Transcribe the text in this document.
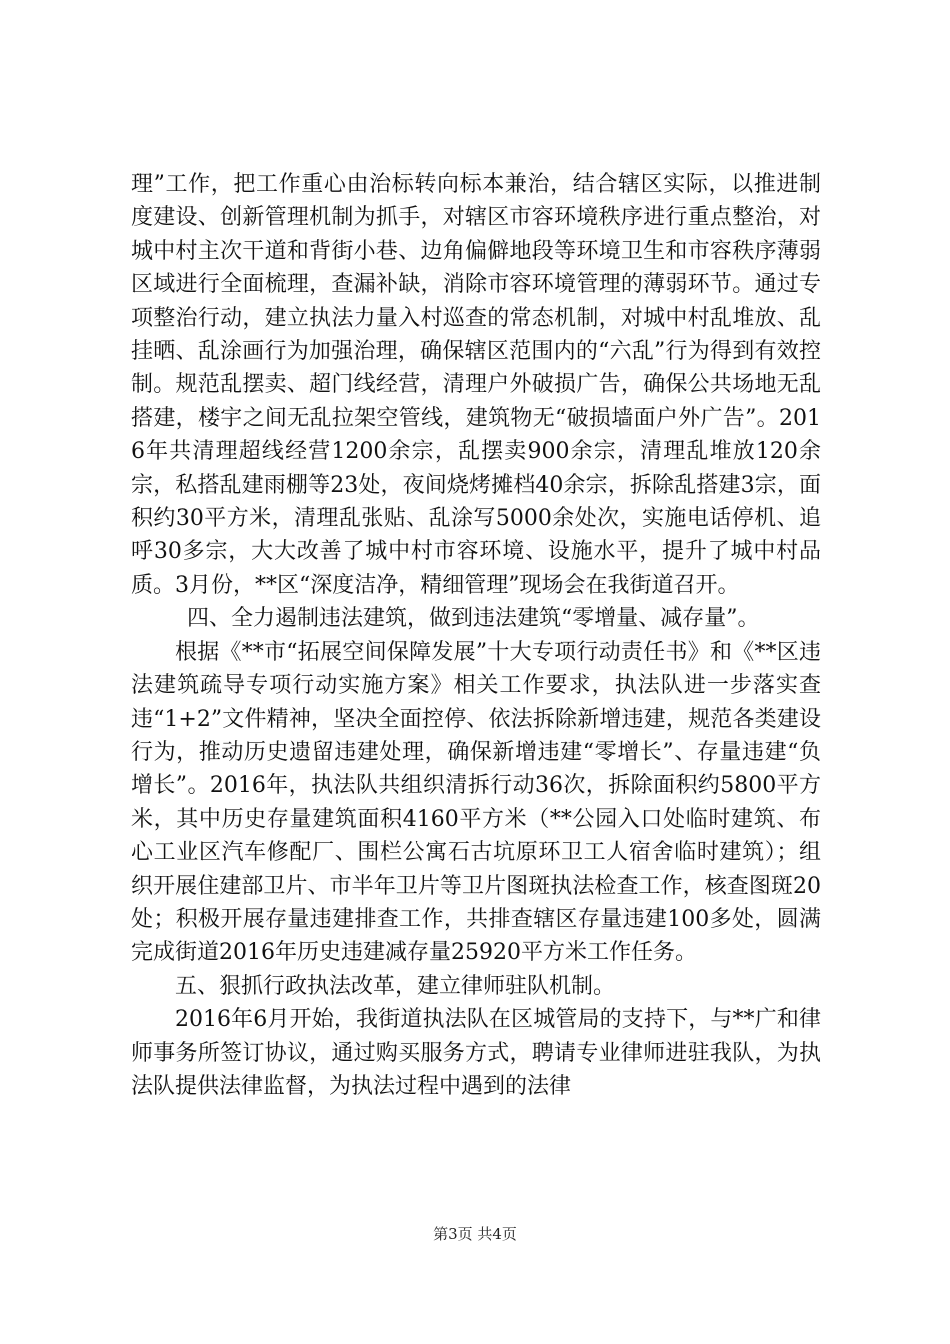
理”工作，把工作重心由治标转向标本兼治，结合辖区实际，以推进制度建设、创新管理机制为抓手，对辖区市容环境秩序进行重点整治，对城中村主次干道和背街小巷、边角偏僻地段等环境卫生和市容秩序薄弱区域进行全面梳理，查漏补缺，消除市容环境管理的薄弱环节。通过专项整治行动，建立执法力量入村巡查的常态机制，对城中村乱堆放、乱挂晒、乱涂画行为加强治理，确保辖区范围内的“六乱”行为得到有效控制。规范乱摆卖、超门线经营，清理户外破损广告，确保公共场地无乱搭建，楼宇之间无乱拉架空管线，建筑物无“破损墙面户外广告”。2016年共清理超线经营1200余宗，乱摆卖900余宗，清理乱堆放120余宗，私搭乱建雨棚等23处，夜间烧烤摊档40余宗，拆除乱搭建3宗，面积约30平方米，清理乱张贴、乱涂写5000余处次，实施电话停机、追呼30多宗，大大改善了城中村市容环境、设施水平，提升了城中村品质。3月份，**区“深度洁净，精细管理”现场会在我街道召开。

四、全力遏制违法建筑，做到违法建筑“零增量、减存量”。

根据《**市“拓展空间保障发展”十大专项行动责任书》和《**区违法建筑疏导专项行动实施方案》相关工作要求，执法队进一步落实查违“1+2”文件精神，坚决全面控停、依法拆除新增违建，规范各类建设行为，推动历史遗留违建处理，确保新增违建“零增长”、存量违建“负增长”。2016年，执法队共组织清拆行动36次，拆除面积约5800平方米，其中历史存量建筑面积4160平方米（**公园入口处临时建筑、布心工业区汽车修配厂、围栏公寓石古坑原环卫工人宿舍临时建筑）；组织开展住建部卫片、市半年卫片等卫片图斑执法检查工作，核查图斑20处；积极开展存量违建排查工作，共排查辖区存量违建100多处，圆满完成街道2016年历史违建减存量25920平方米工作任务。

五、狠抓行政执法改革，建立律师驻队机制。

2016年6月开始，我街道执法队在区城管局的支持下，与**广和律师事务所签订协议，通过购买服务方式，聘请专业律师进驻我队，为执法队提供法律监督，为执法过程中遇到的法律

第3页 共4页
